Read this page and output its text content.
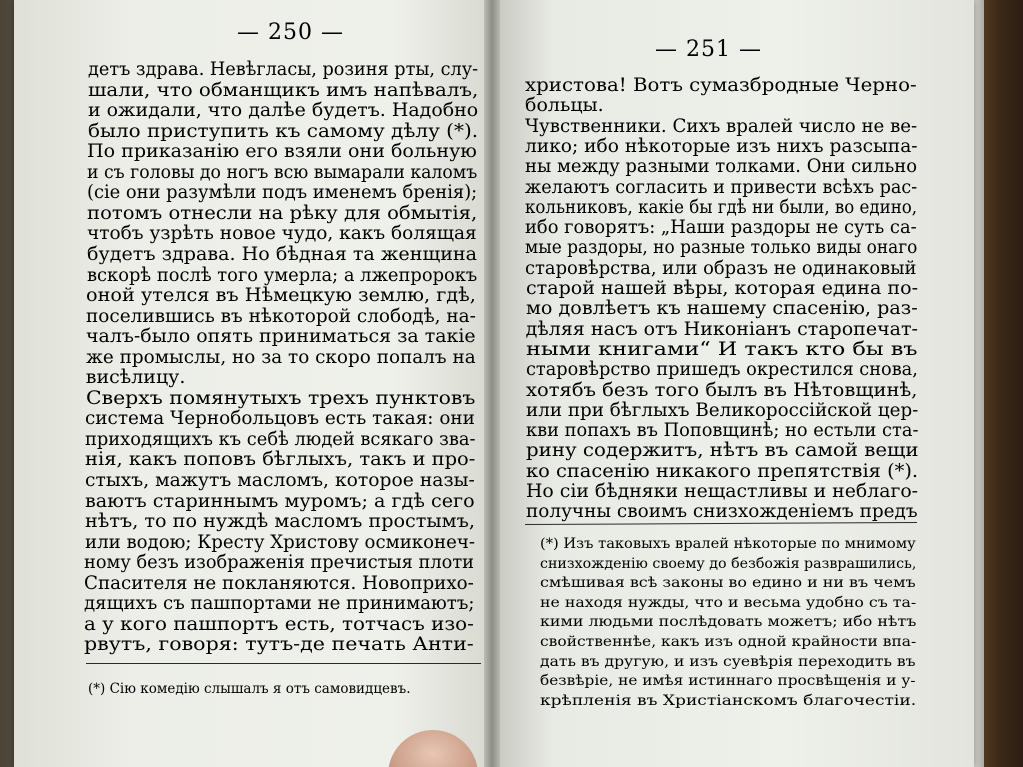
— 250 —
— 251 —
детъ здрава. Невѣгласы, розиня рты, слу-
шали, что обманщикъ имъ напѣвалъ,
и ожидали, что далѣе будетъ. Надобно
было приступить къ самому дѣлу (*).
По приказанію его взяли они больную
и съ головы до ногъ всю вымарали каломъ
(сіе они разумѣли подъ именемъ бренія);
потомъ отнесли на рѣку для обмытія,
чтобъ узрѣть новое чудо, какъ болящая
будетъ здрава. Но бѣдная та женщина
вскорѣ послѣ того умерла; а лжепророкъ
оной утелся въ Нѣмецкую землю, гдѣ,
поселившись въ нѣкоторой слободѣ, на-
чалъ-было опять приниматься за такіе
же промыслы, но за то скоро попалъ на
висѣлицу.
Сверхъ помянутыхъ трехъ пунктовъ
система Чернобольцовъ есть такая: они
приходящихъ къ себѣ людей всякаго зва-
нія, какъ поповъ бѣглыхъ, такъ и про-
стыхъ, мажутъ масломъ, которое назы-
ваютъ стариннымъ муромъ; а гдѣ сего
нѣтъ, то по нуждѣ масломъ простымъ,
или водою; Кресту Христову осмиконеч-
ному безъ изображенія пречистыя плоти
Спасителя не покланяются. Новоприхо-
дящихъ съ пашпортами не принимаютъ;
а у кого пашпортъ есть, тотчасъ изо-
рвутъ, говоря: тутъ-де печать Анти-
(*) Сію комедію слышалъ я отъ самовидцевъ.
христова! Вотъ сумазбродные Черно-
больцы.
Чувственники. Сихъ вралей число не ве-
лико; ибо нѣкоторые изъ нихъ разсыпа-
ны между разными толками. Они сильно
желаютъ согласить и привести всѣхъ рас-
кольниковъ, какіе бы гдѣ ни были, во едино,
ибо говорятъ: „Наши раздоры не суть са-
мые раздоры, но разные только виды онаго
старовѣрства, или образъ не одинаковый
старой нашей вѣры, которая едина по-
мо довлѣетъ къ нашему спасенію, раз-
дѣляя насъ отъ Никоніанъ старопечат-
ными книгами“ И такъ кто бы въ
старовѣрство пришедъ окрестился снова,
хотябъ безъ того былъ въ Нѣтовщинѣ,
или при бѣглыхъ Великороссійской цер-
кви попахъ въ Поповщинѣ; но естьли ста-
рину содержитъ, нѣтъ въ самой вещи
ко спасенію никакого препятствія (*).
Но сіи бѣдняки нещастливы и неблаго-
получны своимъ снизхожденіемъ предъ
(*) Изъ таковыхъ вралей нѣкоторые по мнимому
снизхожденію своему до безбожія разврашились,
смѣшивая всѣ законы во едино и ни въ чемъ
не находя нужды, что и весьма удобно съ та-
кими людьми послѣдовать можетъ; ибо нѣтъ
свойственнѣе, какъ изъ одной крайности впа-
дать въ другую, и изъ суевѣрія переходить въ
безвѣріе, не имѣя истиннаго просвѣщенія и у-
крѣпленія въ Христіанскомъ благочестіи.
